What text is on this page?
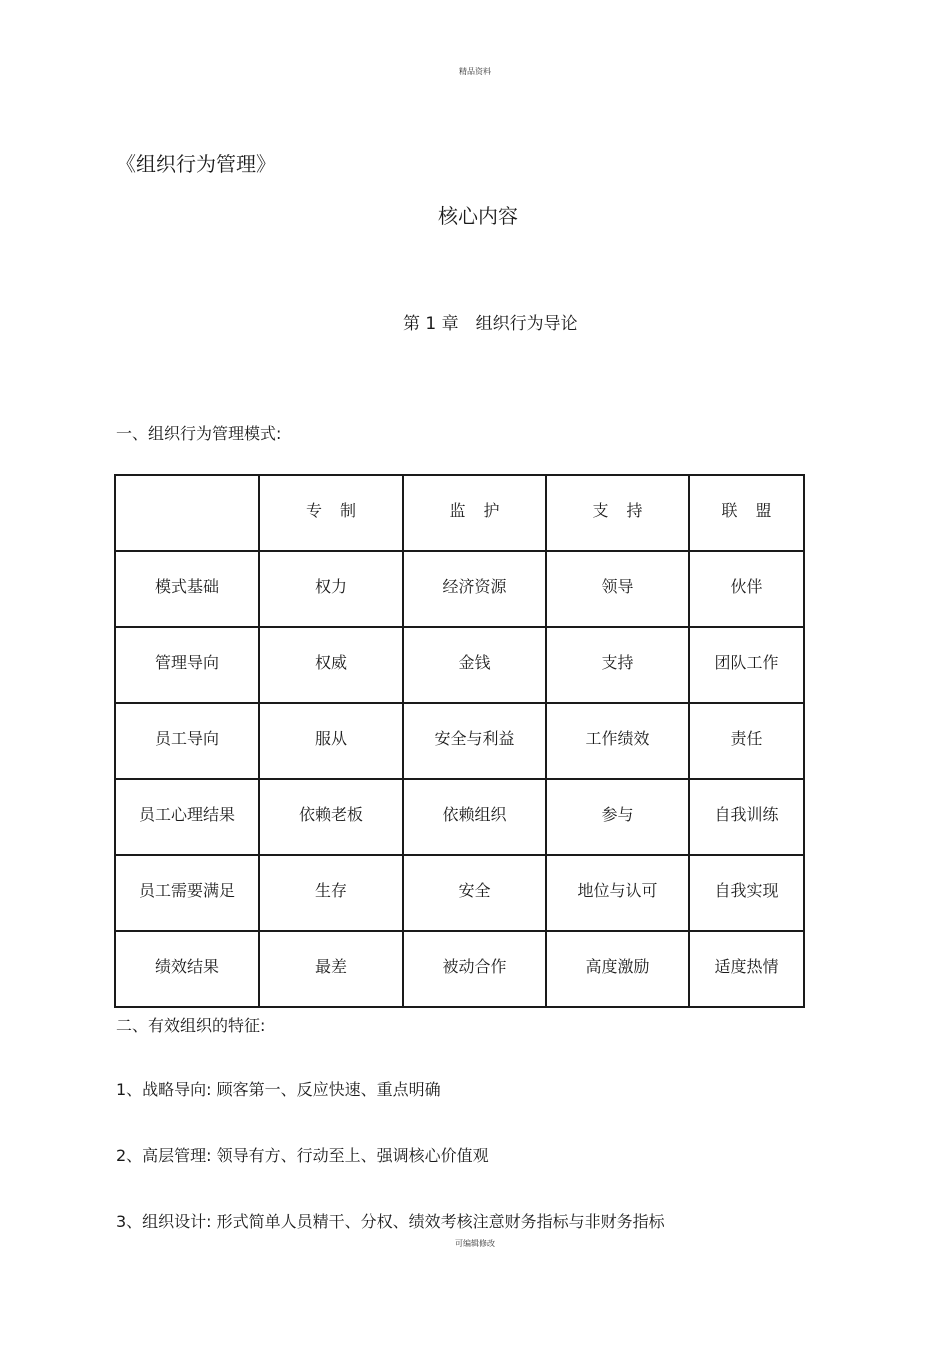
精品资料
《组织行为管理》
核心内容
第 1 章　组织行为导论
一、组织行为管理模式:
	专制	监护	支持	联盟
模式基础	权力	经济资源	领导	伙伴
管理导向	权威	金钱	支持	团队工作
员工导向	服从	安全与利益	工作绩效	责任
员工心理结果	依赖老板	依赖组织	参与	自我训练
员工需要满足	生存	安全	地位与认可	自我实现
绩效结果	最差	被动合作	高度激励	适度热情
二、有效组织的特征:
1、战略导向: 顾客第一、反应快速、重点明确
2、高层管理: 领导有方、行动至上、强调核心价值观
3、组织设计: 形式简单人员精干、分权、绩效考核注意财务指标与非财务指标
可编辑修改
